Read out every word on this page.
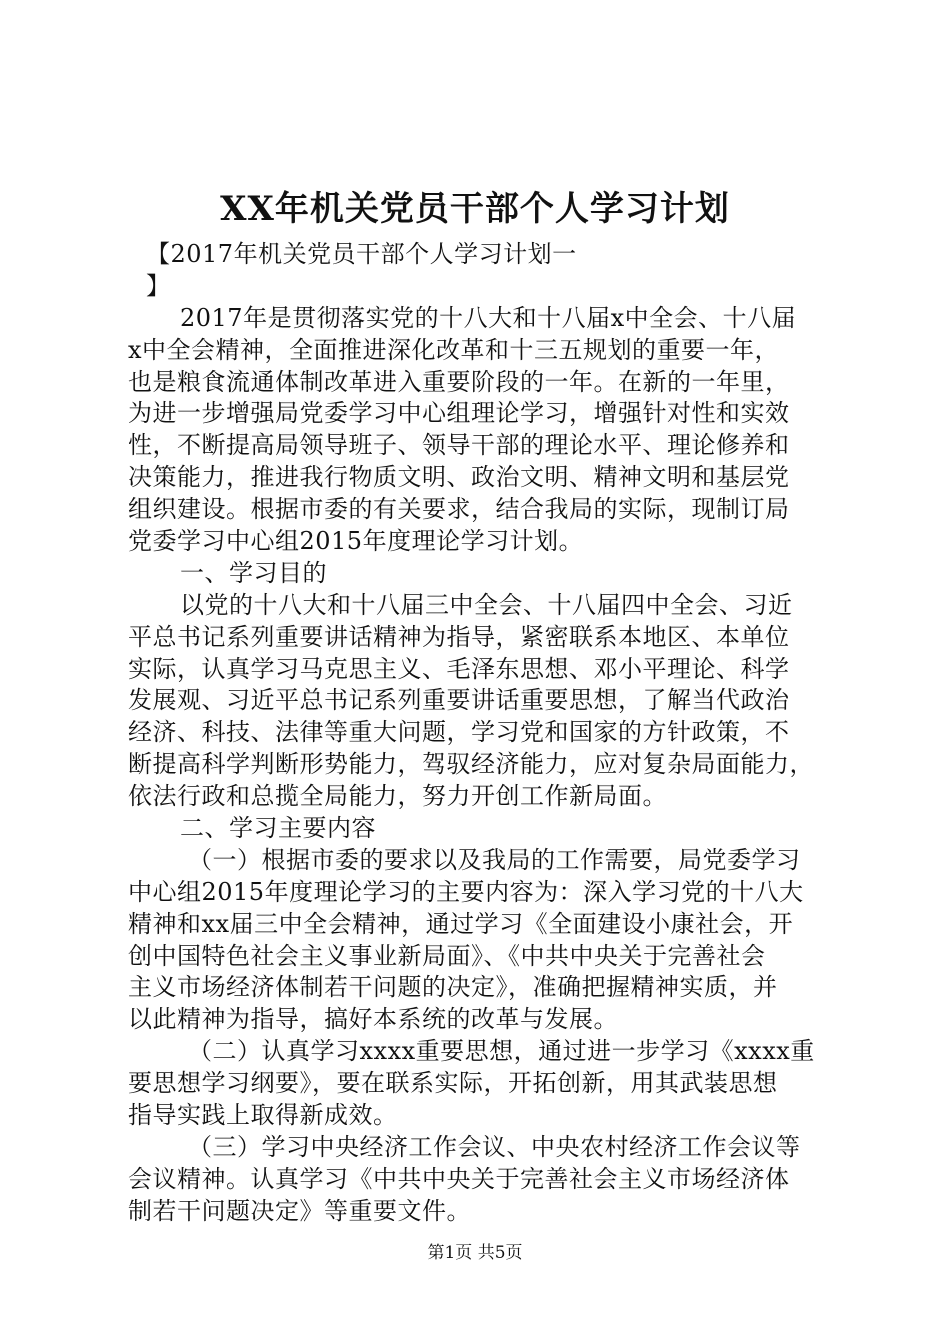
XX年机关党员干部个人学习计划
【2017年机关党员干部个人学习计划一
】
2017年是贯彻落实党的十八大和十八届x中全会、十八届
x中全会精神，全面推进深化改革和十三五规划的重要一年，
也是粮食流通体制改革进入重要阶段的一年。在新的一年里，
为进一步增强局党委学习中心组理论学习，增强针对性和实效
性，不断提高局领导班子、领导干部的理论水平、理论修养和
决策能力，推进我行物质文明、政治文明、精神文明和基层党
组织建设。根据市委的有关要求，结合我局的实际，现制订局
党委学习中心组2015年度理论学习计划。
一、学习目的
以党的十八大和十八届三中全会、十八届四中全会、习近
平总书记系列重要讲话精神为指导，紧密联系本地区、本单位
实际，认真学习马克思主义、毛泽东思想、邓小平理论、科学
发展观、习近平总书记系列重要讲话重要思想，了解当代政治
经济、科技、法律等重大问题，学习党和国家的方针政策，不
断提高科学判断形势能力，驾驭经济能力，应对复杂局面能力，
依法行政和总揽全局能力，努力开创工作新局面。
二、学习主要内容
（一）根据市委的要求以及我局的工作需要，局党委学习
中心组2015年度理论学习的主要内容为：深入学习党的十八大
精神和xx届三中全会精神，通过学习《全面建设小康社会，开
创中国特色社会主义事业新局面》、《中共中央关于完善社会
主义市场经济体制若干问题的决定》，准确把握精神实质，并
以此精神为指导，搞好本系统的改革与发展。
（二）认真学习xxxx重要思想，通过进一步学习《xxxx重
要思想学习纲要》，要在联系实际，开拓创新，用其武装思想
指导实践上取得新成效。
（三）学习中央经济工作会议、中央农村经济工作会议等
会议精神。认真学习《中共中央关于完善社会主义市场经济体
制若干问题决定》等重要文件。
第1页 共5页
